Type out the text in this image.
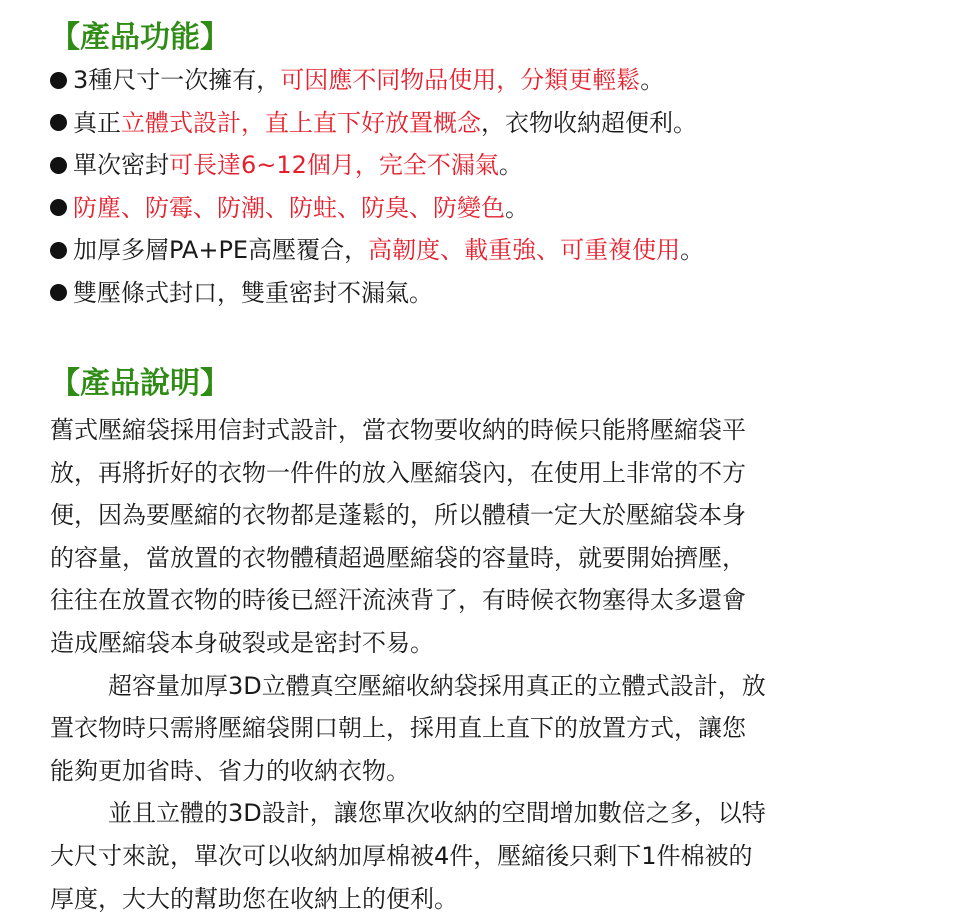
【產品功能】
3種尺寸一次擁有， 可因應不同物品使用，分類更輕鬆 。
真正 立體式設計，直上直下好放置概念 ，衣物收納超便利。
單次密封 可長達6~12個月，完全不漏氣 。
防塵、防霉、防潮、防蛀、防臭、防變色 。
加厚多層PA+PE高壓覆合， 高韌度、載重強、可重複使用 。
雙壓條式封口，雙重密封不漏氣。
【產品說明】
舊式壓縮袋採用信封式設計，當衣物要收納的時候只能將壓縮袋平
放，再將折好的衣物一件件的放入壓縮袋內，在使用上非常的不方
便，因為要壓縮的衣物都是蓬鬆的，所以體積一定大於壓縮袋本身
的容量，當放置的衣物體積超過壓縮袋的容量時，就要開始擠壓，
往往在放置衣物的時後已經汗流浹背了，有時候衣物塞得太多還會
造成壓縮袋本身破裂或是密封不易。
超容量加厚3D立體真空壓縮收納袋採用真正的立體式設計，放
置衣物時只需將壓縮袋開口朝上，採用直上直下的放置方式，讓您
能夠更加省時、省力的收納衣物。
並且立體的3D設計，讓您單次收納的空間增加數倍之多，以特
大尺寸來說，單次可以收納加厚棉被4件，壓縮後只剩下1件棉被的
厚度，大大的幫助您在收納上的便利。
